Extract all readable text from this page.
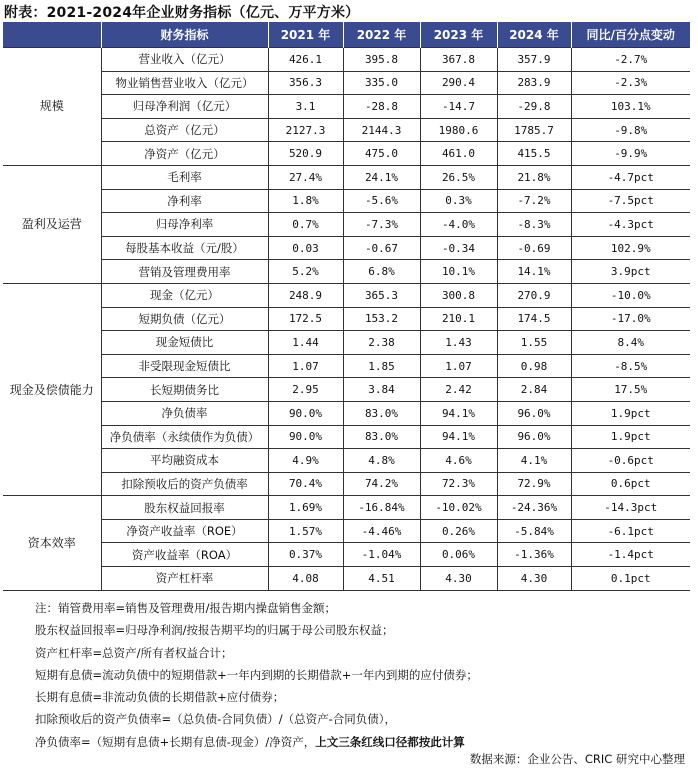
附表：2021-2024年企业财务指标（亿元、万平方米）
	财务指标	2021 年	2022 年	2023 年	2024 年	同比/百分点变动
规模	营业收入（亿元）	426.1	395.8	367.8	357.9	-2.7%
	物业销售营业收入（亿元）	356.3	335.0	290.4	283.9	-2.3%
	归母净利润（亿元）	3.1	-28.8	-14.7	-29.8	103.1%
	总资产（亿元）	2127.3	2144.3	1980.6	1785.7	-9.8%
	净资产（亿元）	520.9	475.0	461.0	415.5	-9.9%
盈利及运营	毛利率	27.4%	24.1%	26.5%	21.8%	-4.7pct
	净利率	1.8%	-5.6%	0.3%	-7.2%	-7.5pct
	归母净利率	0.7%	-7.3%	-4.0%	-8.3%	-4.3pct
	每股基本收益（元/股）	0.03	-0.67	-0.34	-0.69	102.9%
	营销及管理费用率	5.2%	6.8%	10.1%	14.1%	3.9pct
现金及偿债能力	现金（亿元）	248.9	365.3	300.8	270.9	-10.0%
	短期负债（亿元）	172.5	153.2	210.1	174.5	-17.0%
	现金短债比	1.44	2.38	1.43	1.55	8.4%
	非受限现金短债比	1.07	1.85	1.07	0.98	-8.5%
	长短期债务比	2.95	3.84	2.42	2.84	17.5%
	净负债率	90.0%	83.0%	94.1%	96.0%	1.9pct
	净负债率（永续债作为负债）	90.0%	83.0%	94.1%	96.0%	1.9pct
	平均融资成本	4.9%	4.8%	4.6%	4.1%	-0.6pct
	扣除预收后的资产负债率	70.4%	74.2%	72.3%	72.9%	0.6pct
资本效率	股东权益回报率	1.69%	-16.84%	-10.02%	-24.36%	-14.3pct
	净资产收益率（ROE）	1.57%	-4.46%	0.26%	-5.84%	-6.1pct
	资产收益率（ROA）	0.37%	-1.04%	0.06%	-1.36%	-1.4pct
	资产杠杆率	4.08	4.51	4.30	4.30	0.1pct
注：销管费用率=销售及管理费用/报告期内操盘销售金额；
股东权益回报率=归母净利润/按报告期平均的归属于母公司股东权益；
资产杠杆率=总资产/所有者权益合计；
短期有息债=流动负债中的短期借款+一年内到期的长期借款+一年内到期的应付债券；
长期有息债=非流动负债的长期借款+应付债券；
扣除预收后的资产负债率=（总负债-合同负债）/（总资产-合同负债），
净负债率=（短期有息债+长期有息债-现金）/净资产，上文三条红线口径都按此计算
数据来源：企业公告、CRIC 研究中心整理
